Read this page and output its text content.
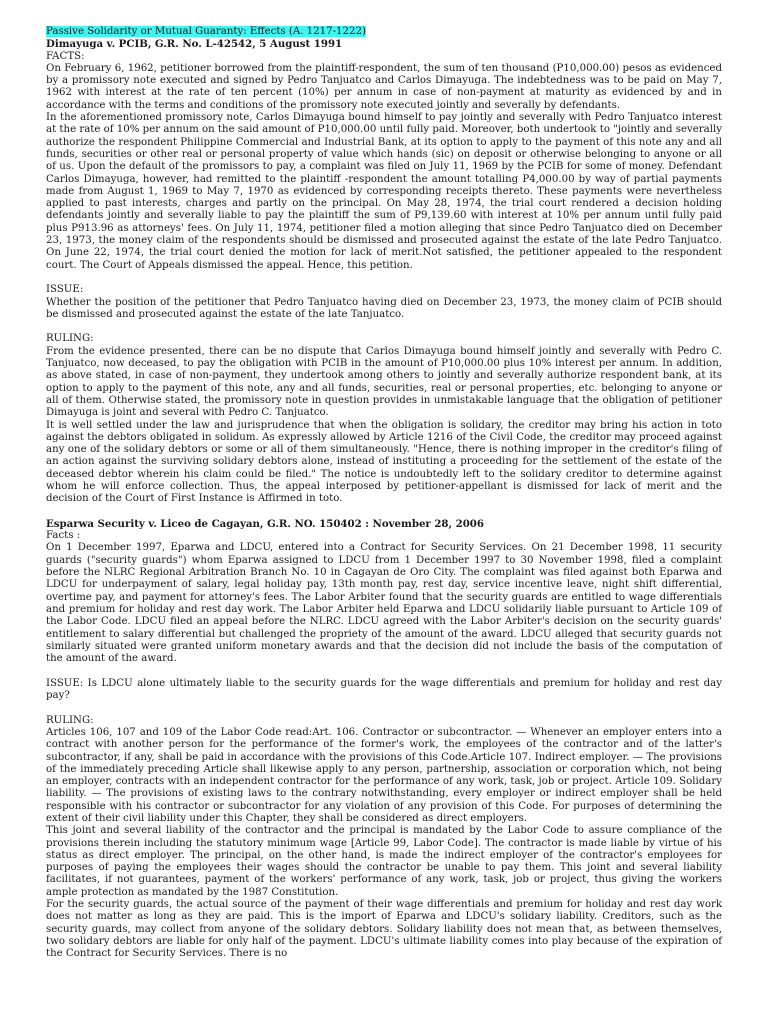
Passive Solidarity or Mutual Guaranty: Effects (A. 1217-1222)

Dimayuga v. PCIB, G.R. No. L-42542, 5 August 1991

FACTS:

On February 6, 1962, petitioner borrowed from the plaintiff-respondent, the sum of ten thousand (P10,000.00) pesos as evidenced by a promissory note executed and signed by Pedro Tanjuatco and Carlos Dimayuga. The indebtedness was to be paid on May 7, 1962 with interest at the rate of ten percent (10%) per annum in case of non-payment at maturity as evidenced by and in accordance with the terms and conditions of the promissory note executed jointly and severally by defendants.

In the aforementioned promissory note, Carlos Dimayuga bound himself to pay jointly and severally with Pedro Tanjuatco interest at the rate of 10% per annum on the said amount of P10,000.00 until fully paid. Moreover, both undertook to "jointly and severally authorize the respondent Philippine Commercial and Industrial Bank, at its option to apply to the payment of this note any and all funds, securities or other real or personal property of value which hands (sic) on deposit or otherwise belonging to anyone or all of us. Upon the default of the promissors to pay, a complaint was filed on July 11, 1969 by the PCIB for some of money. Defendant Carlos Dimayuga, however, had remitted to the plaintiff -respondent the amount totalling P4,000.00 by way of partial payments made from August 1, 1969 to May 7, 1970 as evidenced by corresponding receipts thereto. These payments were nevertheless applied to past interests, charges and partly on the principal. On May 28, 1974, the trial court rendered a decision holding defendants jointly and severally liable to pay the plaintiff the sum of P9,139.60 with interest at 10% per annum until fully paid plus P913.96 as attorneys' fees. On July 11, 1974, petitioner filed a motion alleging that since Pedro Tanjuatco died on December 23, 1973, the money claim of the respondents should be dismissed and prosecuted against the estate of the late Pedro Tanjuatco. On June 22, 1974, the trial court denied the motion for lack of merit.Not satisfied, the petitioner appealed to the respondent court. The Court of Appeals dismissed the appeal. Hence, this petition.

ISSUE:

Whether the position of the petitioner that Pedro Tanjuatco having died on December 23, 1973, the money claim of PCIB should be dismissed and prosecuted against the estate of the late Tanjuatco.

RULING:

From the evidence presented, there can be no dispute that Carlos Dimayuga bound himself jointly and severally with Pedro C. Tanjuatco, now deceased, to pay the obligation with PCIB in the amount of P10,000.00 plus 10% interest per annum. In addition, as above stated, in case of non-payment, they undertook among others to jointly and severally authorize respondent bank, at its option to apply to the payment of this note, any and all funds, securities, real or personal properties, etc. belonging to anyone or all of them. Otherwise stated, the promissory note in question provides in unmistakable language that the obligation of petitioner Dimayuga is joint and several with Pedro C. Tanjuatco.

It is well settled under the law and jurisprudence that when the obligation is solidary, the creditor may bring his action in toto against the debtors obligated in solidum. As expressly allowed by Article 1216 of the Civil Code, the creditor may proceed against any one of the solidary debtors or some or all of them simultaneously. "Hence, there is nothing improper in the creditor's filing of an action against the surviving solidary debtors alone, instead of instituting a proceeding for the settlement of the estate of the deceased debtor wherein his claim could be filed." The notice is undoubtedly left to the solidary creditor to determine against whom he will enforce collection. Thus, the appeal interposed by petitioner-appellant is dismissed for lack of merit and the decision of the Court of First Instance is Affirmed in toto.

Esparwa Security v. Liceo de Cagayan, G.R. NO. 150402 : November 28, 2006

Facts :

On 1 December 1997, Eparwa and LDCU, entered into a Contract for Security Services. On 21 December 1998, 11 security guards ("security guards") whom Eparwa assigned to LDCU from 1 December 1997 to 30 November 1998, filed a complaint before the NLRC Regional Arbitration Branch No. 10 in Cagayan de Oro City. The complaint was filed against both Eparwa and LDCU for underpayment of salary, legal holiday pay, 13th month pay, rest day, service incentive leave, night shift differential, overtime pay, and payment for attorney's fees. The Labor Arbiter found that the security guards are entitled to wage differentials and premium for holiday and rest day work. The Labor Arbiter held Eparwa and LDCU solidarily liable pursuant to Article 109 of the Labor Code. LDCU filed an appeal before the NLRC. LDCU agreed with the Labor Arbiter's decision on the security guards' entitlement to salary differential but challenged the propriety of the amount of the award. LDCU alleged that security guards not similarly situated were granted uniform monetary awards and that the decision did not include the basis of the computation of the amount of the award.

ISSUE: Is LDCU alone ultimately liable to the security guards for the wage differentials and premium for holiday and rest day pay?

RULING:

Articles 106, 107 and 109 of the Labor Code read:Art. 106. Contractor or subcontractor. — Whenever an employer enters into a contract with another person for the performance of the former's work, the employees of the contractor and of the latter's subcontractor, if any, shall be paid in accordance with the provisions of this Code.Article 107. Indirect employer. — The provisions of the immediately preceding Article shall likewise apply to any person, partnership, association or corporation which, not being an employer, contracts with an independent contractor for the performance of any work, task, job or project. Article 109. Solidary liability. — The provisions of existing laws to the contrary notwithstanding, every employer or indirect employer shall be held responsible with his contractor or subcontractor for any violation of any provision of this Code. For purposes of determining the extent of their civil liability under this Chapter, they shall be considered as direct employers.

This joint and several liability of the contractor and the principal is mandated by the Labor Code to assure compliance of the provisions therein including the statutory minimum wage [Article 99, Labor Code]. The contractor is made liable by virtue of his status as direct employer. The principal, on the other hand, is made the indirect employer of the contractor's employees for purposes of paying the employees their wages should the contractor be unable to pay them. This joint and several liability facilitates, if not guarantees, payment of the workers' performance of any work, task, job or project, thus giving the workers ample protection as mandated by the 1987 Constitution.

For the security guards, the actual source of the payment of their wage differentials and premium for holiday and rest day work does not matter as long as they are paid. This is the import of Eparwa and LDCU's solidary liability. Creditors, such as the security guards, may collect from anyone of the solidary debtors. Solidary liability does not mean that, as between themselves, two solidary debtors are liable for only half of the payment. LDCU's ultimate liability comes into play because of the expiration of the Contract for Security Services. There is no
